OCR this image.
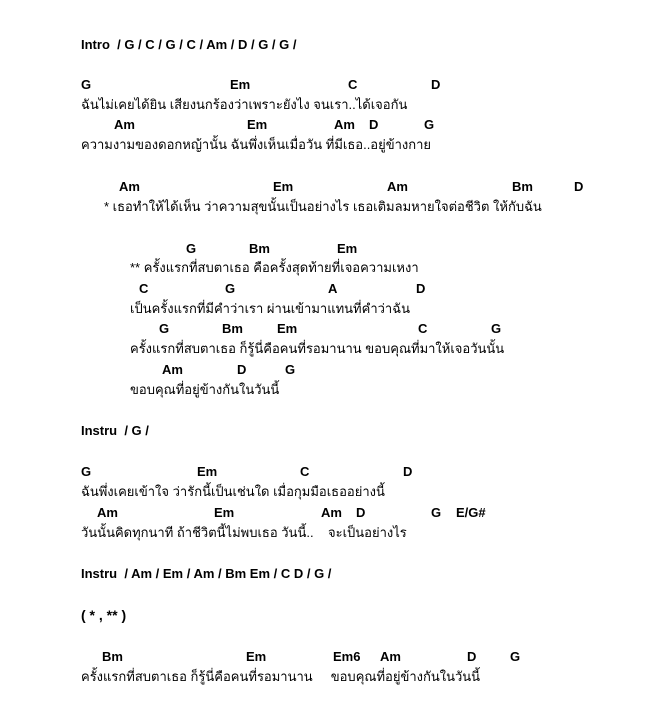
Intro  / G / C / G / C / Am / D / G / G /
G	Em	C	D
ฉันไม่เคยได้ยิน เสียงนกร้องว่าเพราะยังไง จนเรา..ได้เจอกัน
Am	Em	Am D	G
ความงามของดอกหญ้านั้น ฉันพึ่งเห็นเมื่อวัน ที่มีเธอ..อยู่ข้างกาย
Am	Em	Am	Bm	D
* เธอทำให้ได้เห็น ว่าความสุขนั้นเป็นอย่างไร เธอเติมลมหายใจต่อชีวิต ให้กับฉัน
G	Bm	Em
** ครั้งแรกที่สบตาเธอ คือครั้งสุดท้ายที่เจอความเหงา
C	G	A	D
เป็นครั้งแรกที่มีคำว่าเรา ผ่านเข้ามาแทนที่คำว่าฉัน
G	Bm	Em	C	G
ครั้งแรกที่สบตาเธอ ก็รู้นี่คือคนที่รอมานาน ขอบคุณที่มาให้เจอวันนั้น
Am	D	G
ขอบคุณที่อยู่ข้างกันในวันนี้
Instru  / G /
G	Em	C	D
ฉันพึ่งเคยเข้าใจ ว่ารักนี้เป็นเช่นใด เมื่อกุมมือเธออย่างนี้
Am	Em	Am D	G E/G#
วันนั้นคิดทุกนาที ถ้าชีวิตนี้ไม่พบเธอ วันนี้..    จะเป็นอย่างไร
Instru  / Am / Em / Am / Bm Em / C D / G /
( * , ** )
Bm	Em	Em6 Am	D	G
ครั้งแรกที่สบตาเธอ ก็รู้นี่คือคนที่รอมานาน     ขอบคุณที่อยู่ข้างกันในวันนี้
